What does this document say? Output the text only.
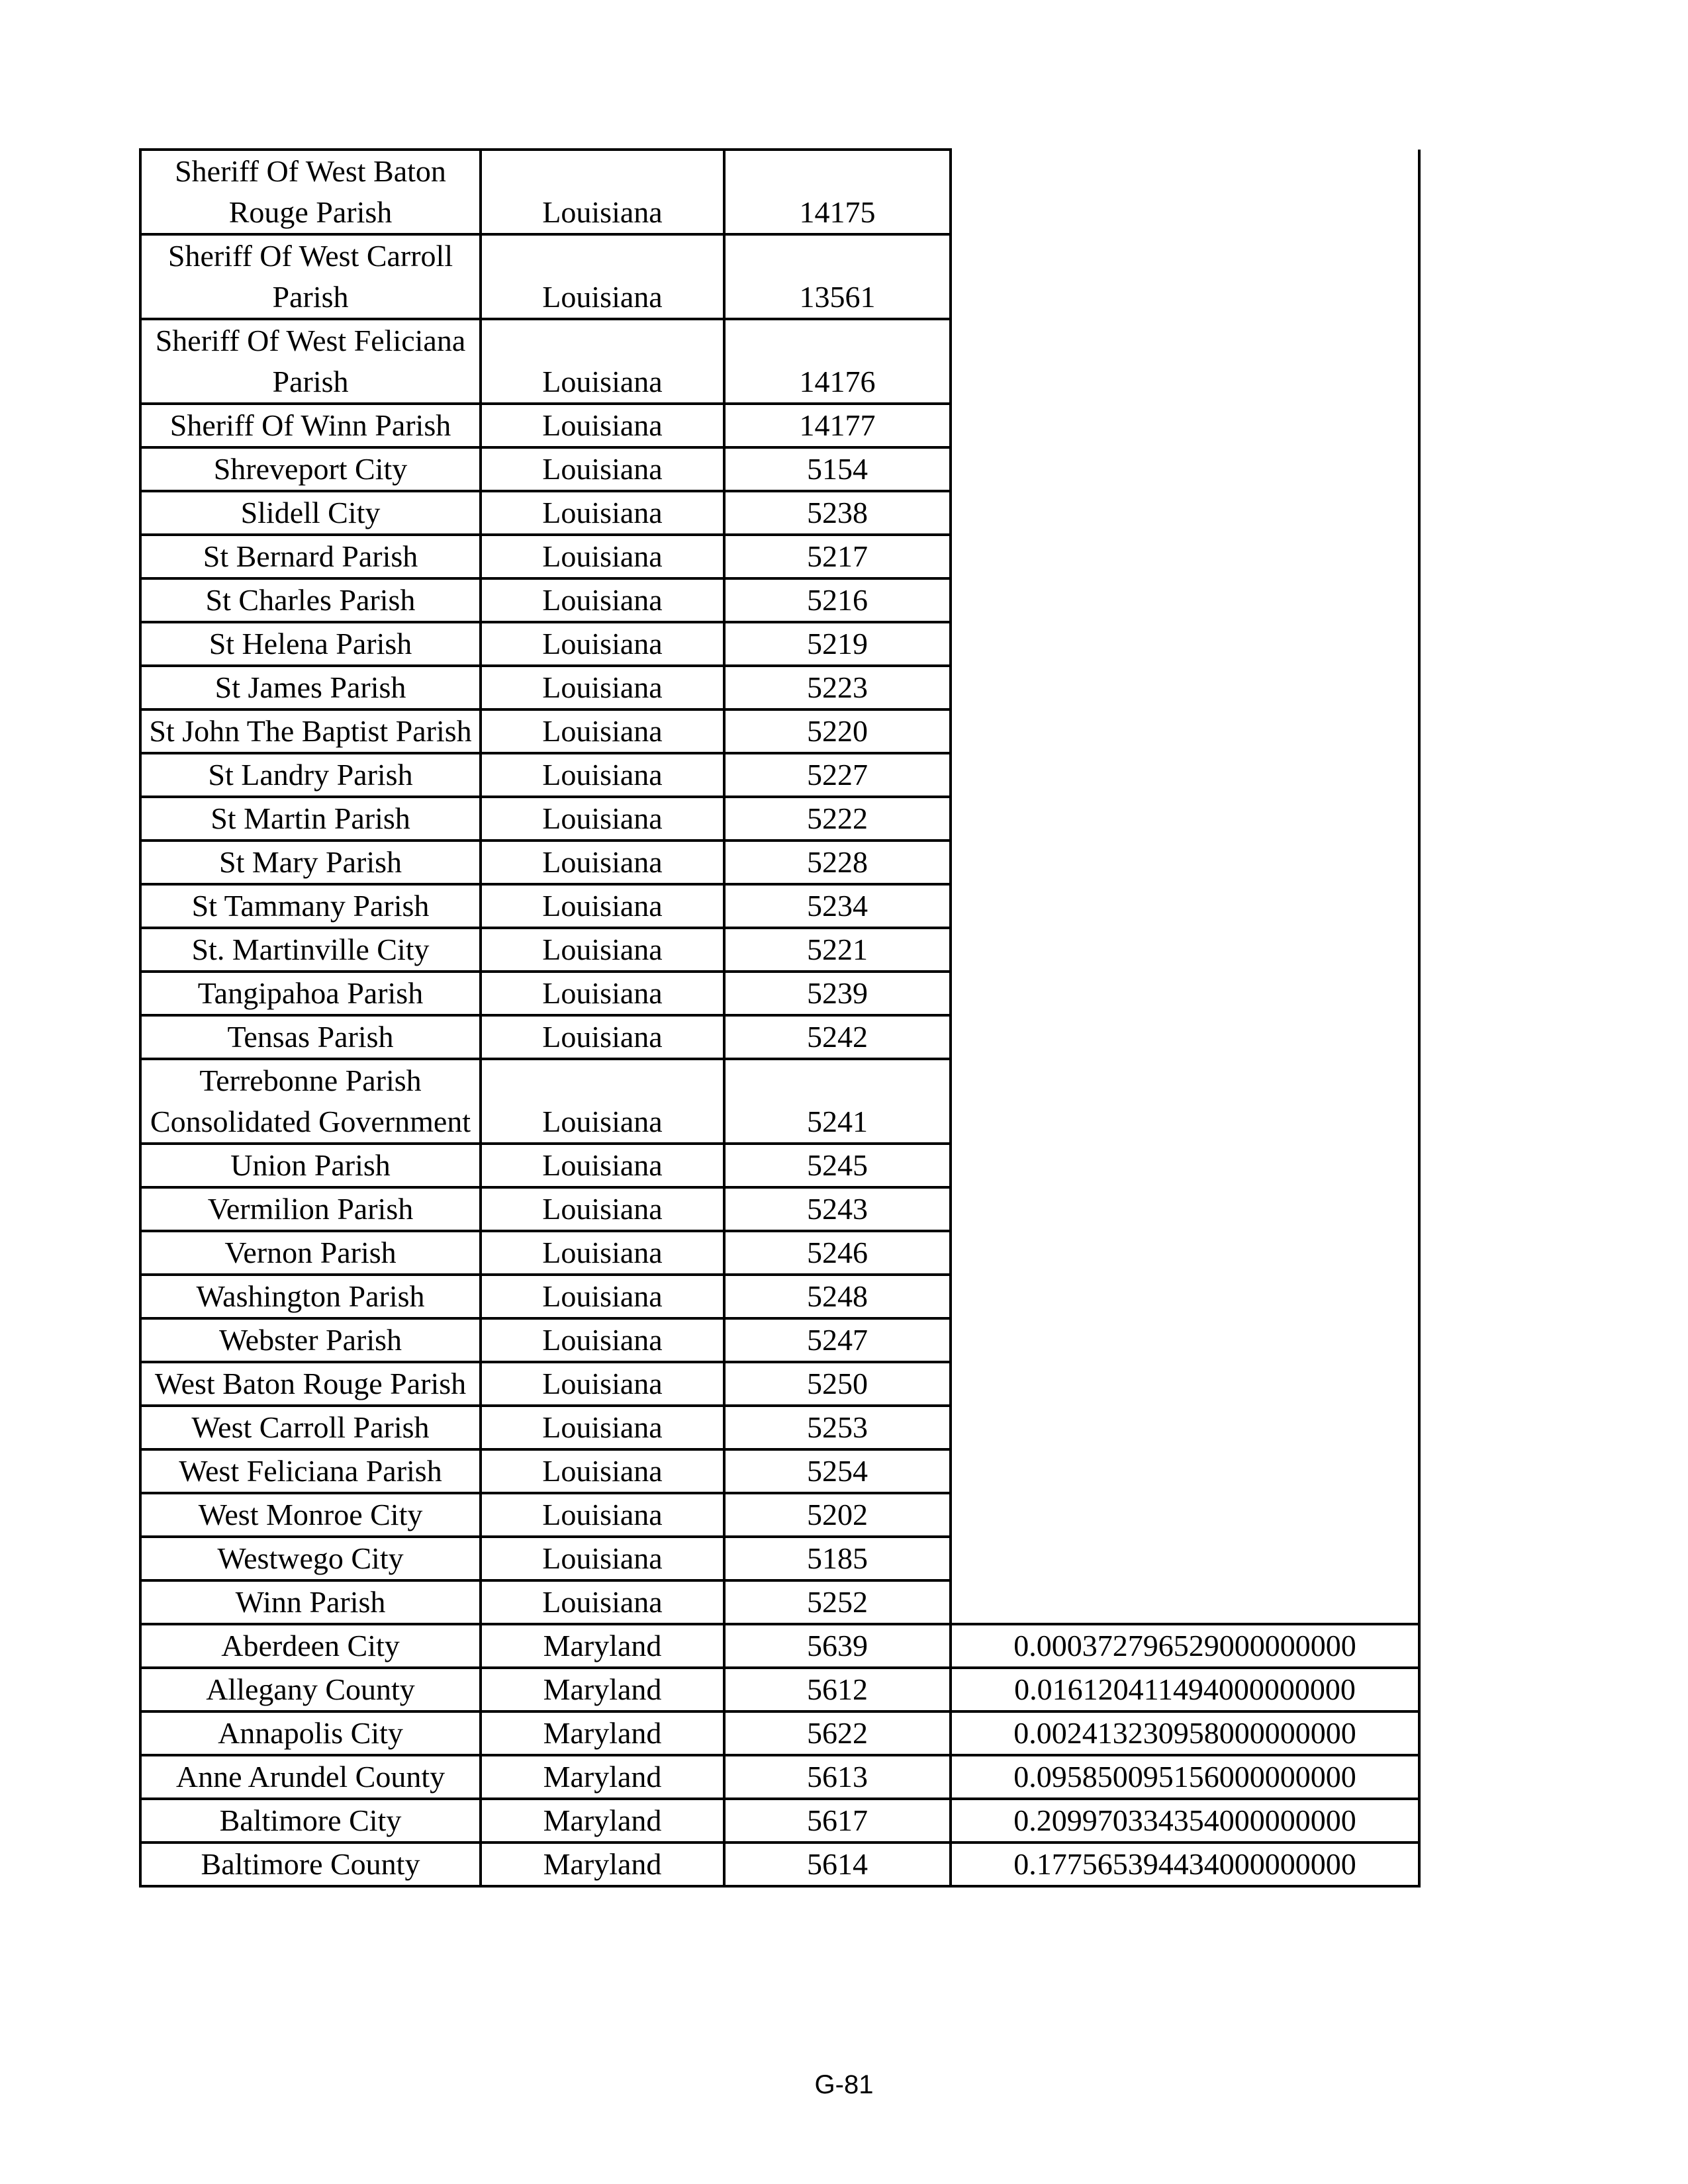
Sheriff Of West Baton Rouge Parish	Louisiana	14175	
Sheriff Of West Carroll Parish	Louisiana	13561	
Sheriff Of West Feliciana Parish	Louisiana	14176	
Sheriff Of Winn Parish	Louisiana	14177	
Shreveport City	Louisiana	5154	
Slidell City	Louisiana	5238	
St Bernard Parish	Louisiana	5217	
St Charles Parish	Louisiana	5216	
St Helena Parish	Louisiana	5219	
St James Parish	Louisiana	5223	
St John The Baptist Parish	Louisiana	5220	
St Landry Parish	Louisiana	5227	
St Martin Parish	Louisiana	5222	
St Mary Parish	Louisiana	5228	
St Tammany Parish	Louisiana	5234	
St. Martinville City	Louisiana	5221	
Tangipahoa Parish	Louisiana	5239	
Tensas Parish	Louisiana	5242	
Terrebonne Parish Consolidated Government	Louisiana	5241	
Union Parish	Louisiana	5245	
Vermilion Parish	Louisiana	5243	
Vernon Parish	Louisiana	5246	
Washington Parish	Louisiana	5248	
Webster Parish	Louisiana	5247	
West Baton Rouge Parish	Louisiana	5250	
West Carroll Parish	Louisiana	5253	
West Feliciana Parish	Louisiana	5254	
West Monroe City	Louisiana	5202	
Westwego City	Louisiana	5185	
Winn Parish	Louisiana	5252	
Aberdeen City	Maryland	5639	0.000372796529000000000
Allegany County	Maryland	5612	0.016120411494000000000
Annapolis City	Maryland	5622	0.002413230958000000000
Anne Arundel County	Maryland	5613	0.095850095156000000000
Baltimore City	Maryland	5617	0.209970334354000000000
Baltimore County	Maryland	5614	0.177565394434000000000
G-81
